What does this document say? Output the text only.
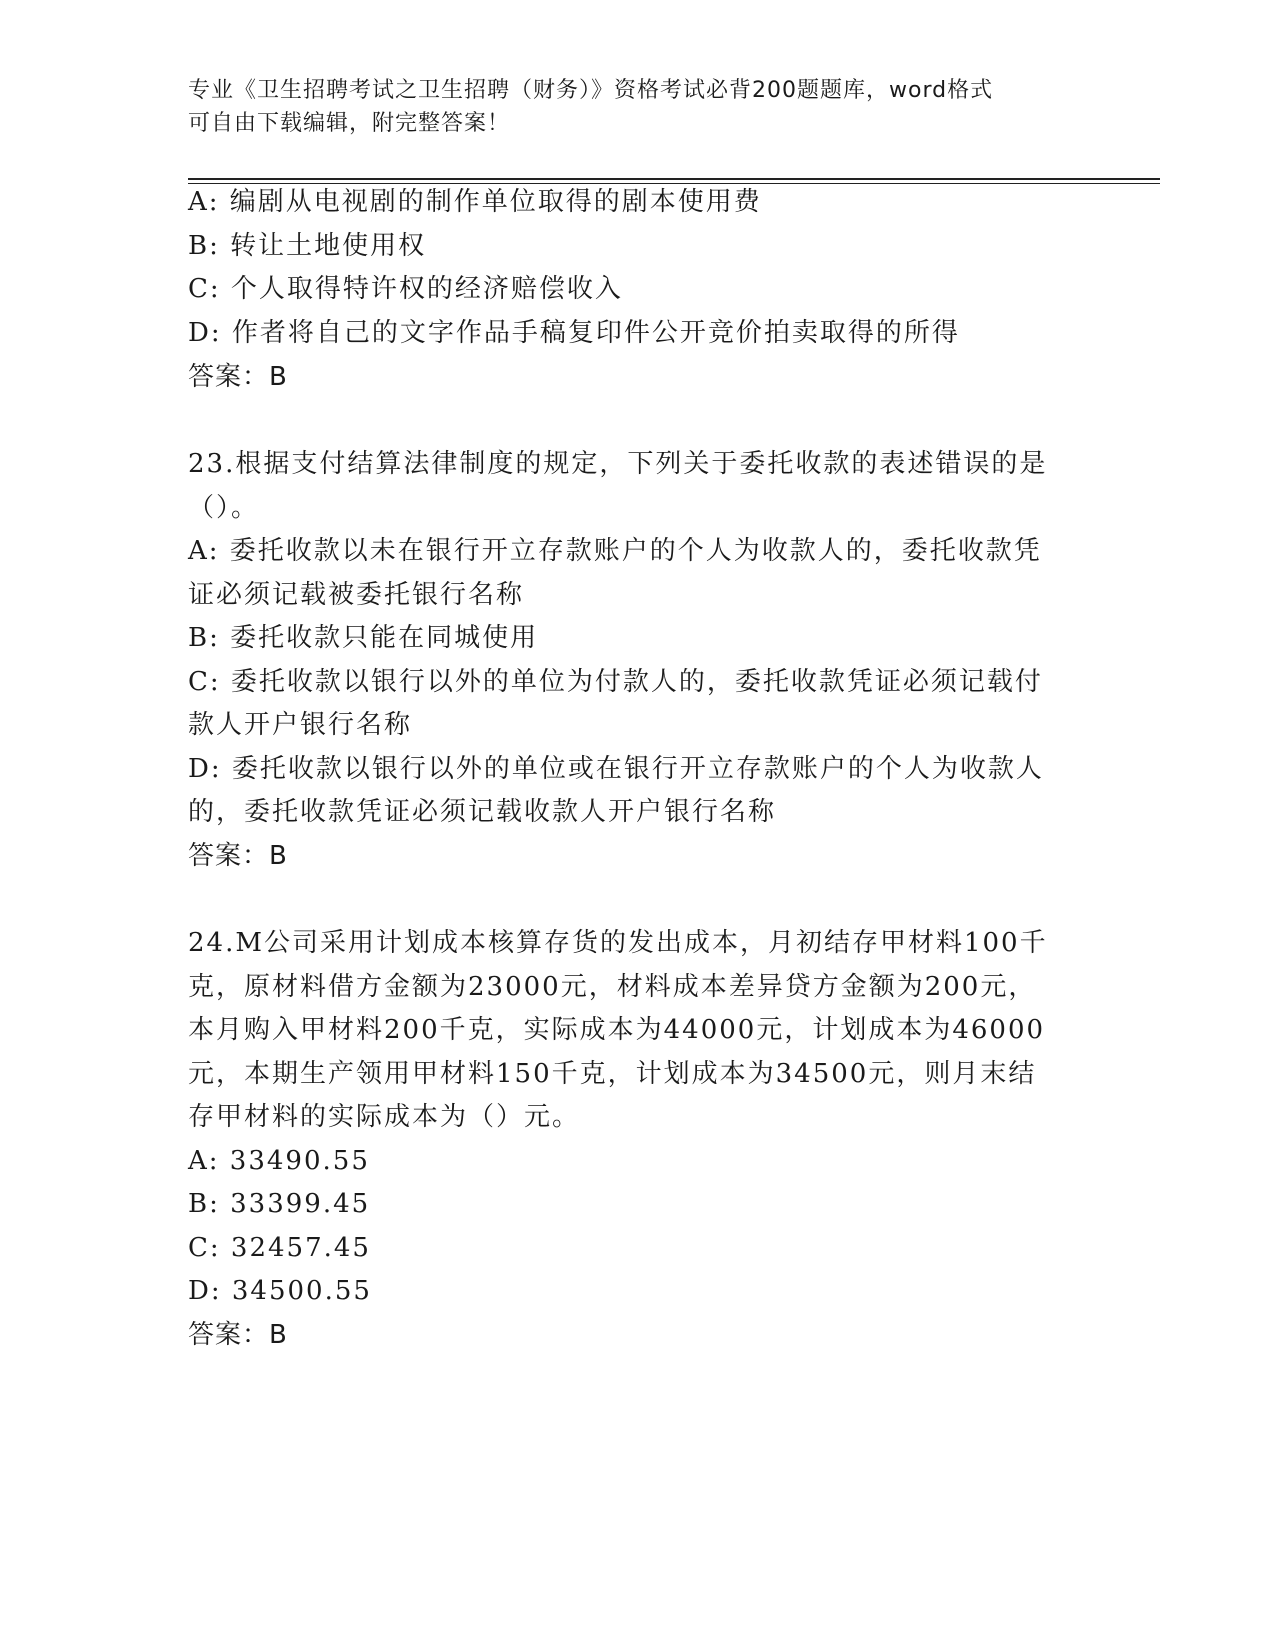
专业《卫生招聘考试之卫生招聘（财务）》资格考试必背200题题库，word格式
可自由下载编辑，附完整答案！
A: 编剧从电视剧的制作单位取得的剧本使用费
B: 转让土地使用权
C: 个人取得特许权的经济赔偿收入
D: 作者将自己的文字作品手稿复印件公开竞价拍卖取得的所得
答案：B
23.根据支付结算法律制度的规定，下列关于委托收款的表述错误的是
（）。
A: 委托收款以未在银行开立存款账户的个人为收款人的，委托收款凭
证必须记载被委托银行名称
B: 委托收款只能在同城使用
C: 委托收款以银行以外的单位为付款人的，委托收款凭证必须记载付
款人开户银行名称
D: 委托收款以银行以外的单位或在银行开立存款账户的个人为收款人
的，委托收款凭证必须记载收款人开户银行名称
答案：B
24.M公司采用计划成本核算存货的发出成本，月初结存甲材料100千
克，原材料借方金额为23000元，材料成本差异贷方金额为200元，
本月购入甲材料200千克，实际成本为44000元，计划成本为46000
元，本期生产领用甲材料150千克，计划成本为34500元，则月末结
存甲材料的实际成本为（）元。
A: 33490.55
B: 33399.45
C: 32457.45
D: 34500.55
答案：B
